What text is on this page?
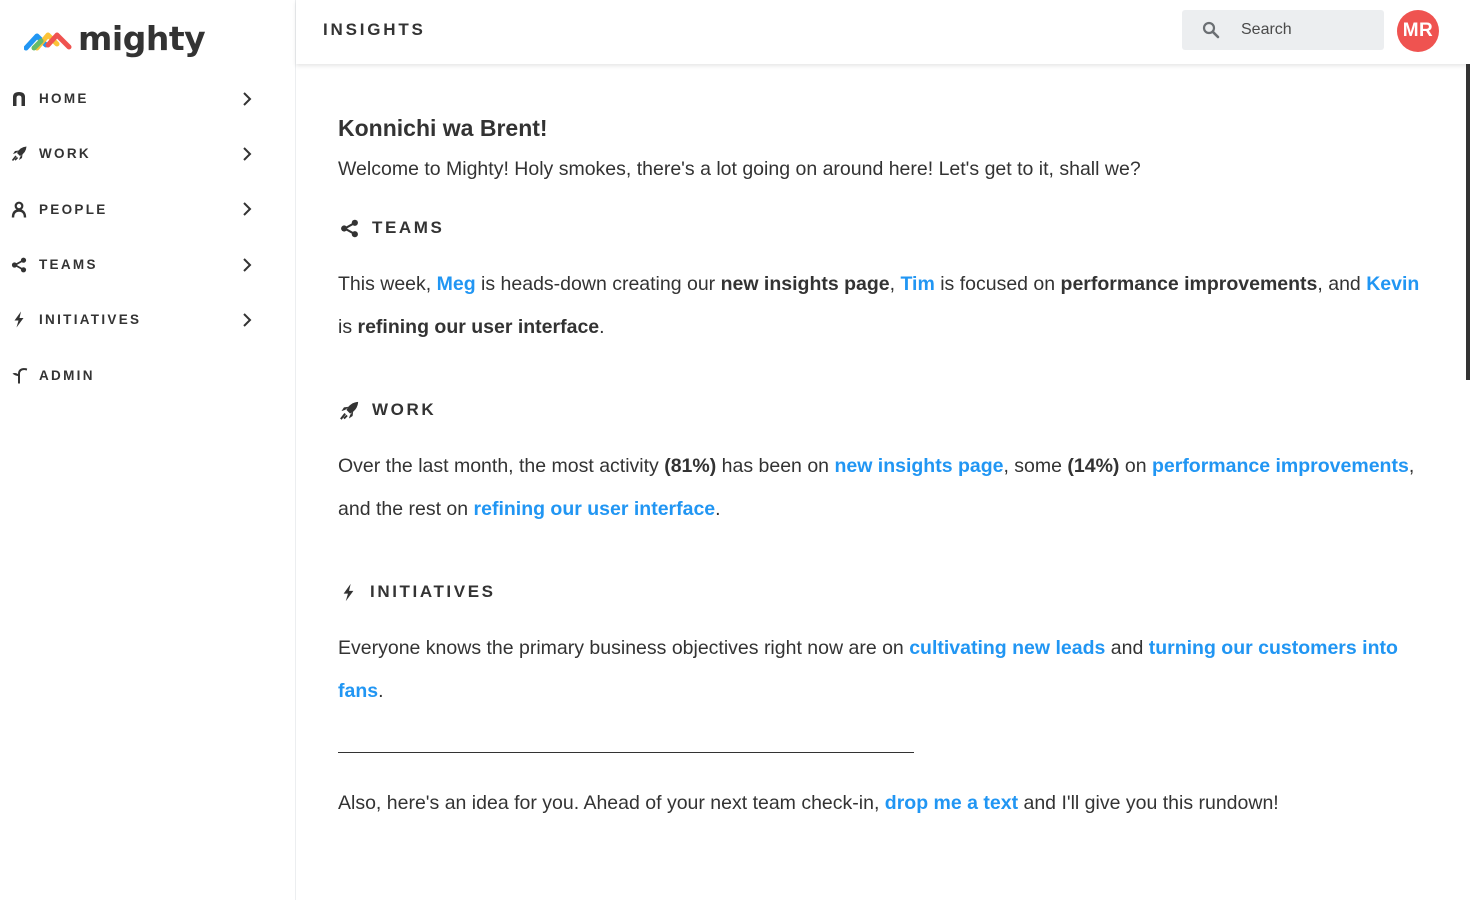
mighty
HOME
WORK
PEOPLE
TEAMS
INITIATIVES
ADMIN
INSIGHTS
Search	MR
Konnichi wa Brent!
Welcome to Mighty! Holy smokes, there's a lot going on around here! Let's get to it, shall we?
TEAMS

This week, Meg is heads-down creating our new insights page, Tim is focused on performance improvements, and Kevin is refining our user interface.

WORK

Over the last month, the most activity (81%) has been on new insights page, some (14%) on performance improvements, and the rest on refining our user interface.

INITIATIVES

Everyone knows the primary business objectives right now are on cultivating new leads and turning our customers into fans.

Also, here's an idea for you. Ahead of your next team check-in, drop me a text and I'll give you this rundown!
